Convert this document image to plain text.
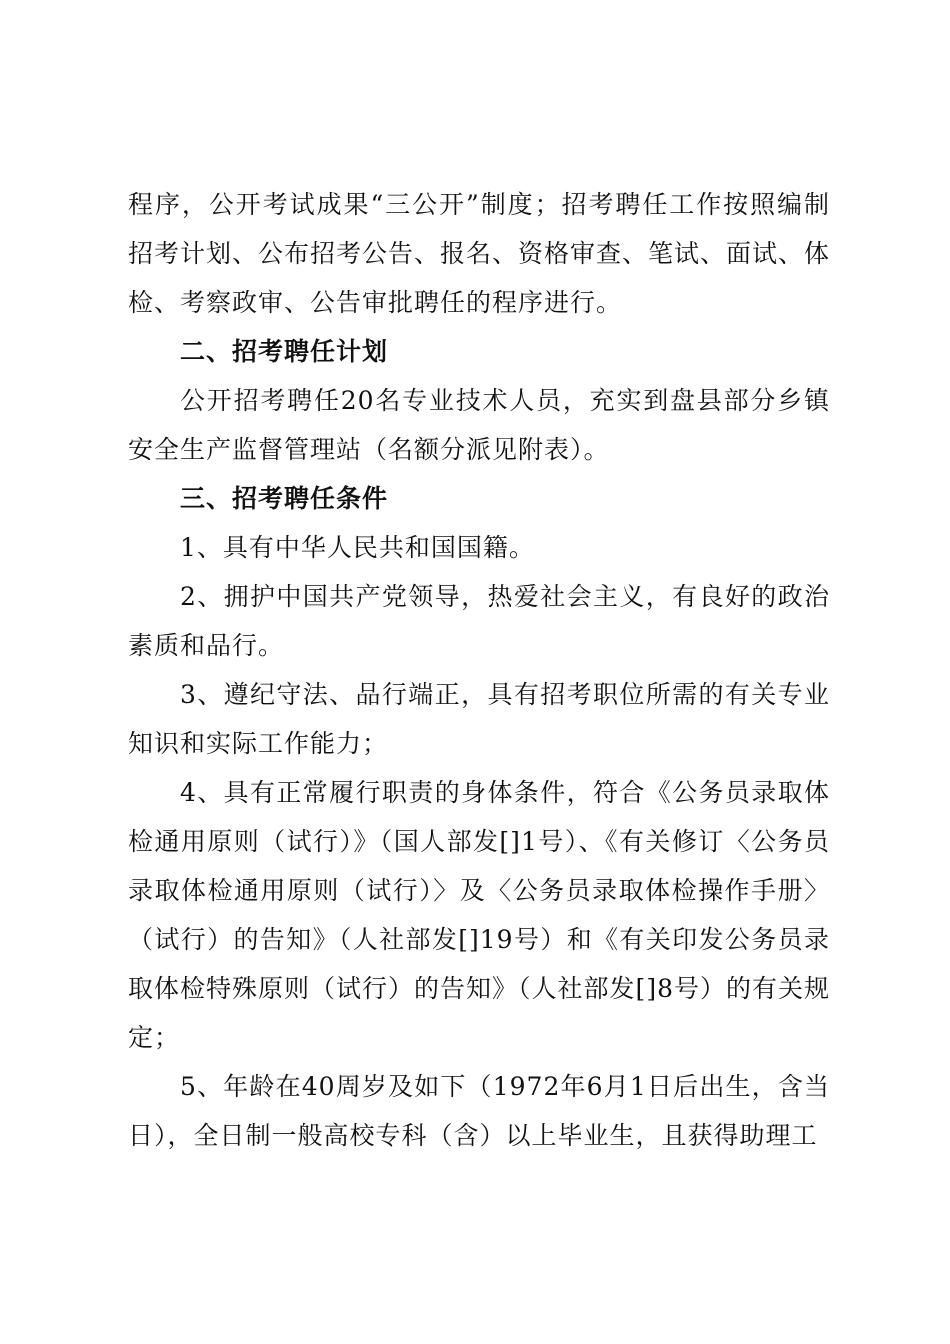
程序，公开考试成果“三公开”制度；招考聘任工作按照编制招考计划、公布招考公告、报名、资格审查、笔试、面试、体检、考察政审、公告审批聘任的程序进行。

二、招考聘任计划

公开招考聘任20名专业技术人员，充实到盘县部分乡镇安全生产监督管理站（名额分派见附表）。

三、招考聘任条件

1、具有中华人民共和国国籍。

2、拥护中国共产党领导，热爱社会主义，有良好的政治素质和品行。

3、遵纪守法、品行端正，具有招考职位所需的有关专业知识和实际工作能力；

4、具有正常履行职责的身体条件，符合《公务员录取体检通用原则（试行）》（国人部发[]1号）、《有关修订〈公务员录取体检通用原则（试行）〉及〈公务员录取体检操作手册〉（试行）的告知》（人社部发[]19号）和《有关印发公务员录取体检特殊原则（试行）的告知》（人社部发[]8号）的有关规定；

5、年龄在40周岁及如下（1972年6月1日后出生，含当日），全日制一般高校专科（含）以上毕业生，且获得助理工
